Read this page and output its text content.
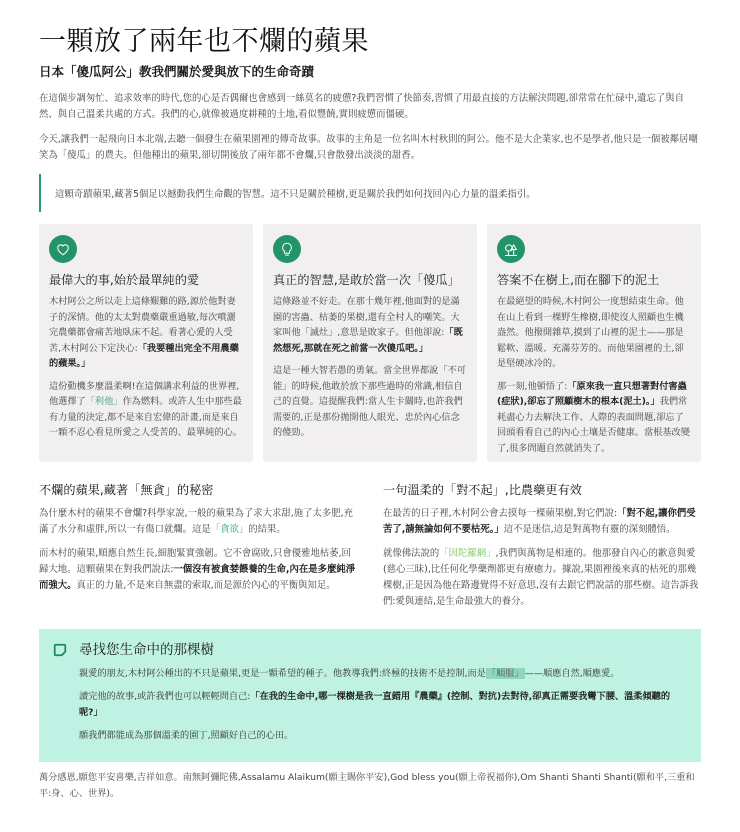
一顆放了兩年也不爛的蘋果
日本「傻瓜阿公」教我們關於愛與放下的生命奇蹟

在這個步調匆忙、追求效率的時代,您的心是否偶爾也會感到一絲莫名的疲憊?我們習慣了快節奏,習慣了用最直接的方法解決問題,卻常常在忙碌中,遺忘了與自然、與自己溫柔共處的方式。我們的心,就像被過度耕種的土地,看似豐饒,實則疲憊而僵硬。

今天,讓我們一起飛向日本北端,去聽一個發生在蘋果園裡的傳奇故事。故事的主角是一位名叫木村秋則的阿公。他不是大企業家,也不是學者,他只是一個被鄰居嘲笑為「傻瓜」的農夫。但他種出的蘋果,卻切開後放了兩年都不會爛,只會散發出淡淡的甜香。

這顆奇蹟蘋果,藏著5個足以撼動我們生命觀的智慧。這不只是關於種樹,更是關於我們如何找回內心力量的溫柔指引。
最偉大的事,始於最單純的愛

木村阿公之所以走上這條艱難的路,源於他對妻子的深情。他的太太對農藥嚴重過敏,每次噴灑完農藥都會痛苦地臥床不起。看著心愛的人受苦,木村阿公下定決心:「我要種出完全不用農藥的蘋果。」

這份動機多麼溫柔啊!在這個講求利益的世界裡,他選擇了「利他」作為燃料。或許人生中那些最有力量的決定,都不是來自宏偉的計畫,而是來自一顆不忍心看見所愛之人受苦的、最單純的心。

真正的智慧,是敢於當一次「傻瓜」

這條路並不好走。在那十幾年裡,他面對的是滿園的害蟲、枯萎的果樹,還有全村人的嘲笑。大家叫他「滅灶」,意思是敗家子。但他卻說:「既然想死,那就在死之前當一次傻瓜吧。」

這是一種大智若愚的勇氣。當全世界都說「不可能」的時候,他敢於放下那些過時的常識,相信自己的直覺。這提醒我們:當人生卡關時,也許我們需要的,正是那份拋開他人眼光、忠於內心信念的傻勁。

答案不在樹上,而在腳下的泥土

在最絕望的時候,木村阿公一度想結束生命。他在山上看到一棵野生橡樹,即使沒人照顧也生機盎然。他撥開雜草,摸到了山裡的泥土——那是鬆軟、溫暖、充滿芬芳的。而他果園裡的土,卻是堅硬冰冷的。

那一刻,他頓悟了:「原來我一直只想著對付害蟲(症狀),卻忘了照顧樹木的根本(泥土)。」我們常耗盡心力去解決工作、人際的表面問題,卻忘了回頭看看自己的內心土壤是否健康。當根基改變了,很多問題自然就消失了。

不爛的蘋果,藏著「無貪」的秘密

為什麼木村的蘋果不會爛?科學家說,一般的蘋果為了求大求甜,施了太多肥,充滿了水分和虛胖,所以一有傷口就爛。這是「貪欲」的結果。

而木村的蘋果,順應自然生長,細胞緊實強韌。它不會腐敗,只會優雅地枯萎,回歸大地。這顆蘋果在對我們說法:一個沒有被貪婪餵養的生命,內在是多麼純淨而強大。真正的力量,不是來自無盡的索取,而是源於內心的平衡與知足。

一句溫柔的「對不起」,比農藥更有效

在最苦的日子裡,木村阿公會去摸每一棵蘋果樹,對它們說:「對不起,讓你們受苦了,請無論如何不要枯死。」這不是迷信,這是對萬物有靈的深刻體悟。

就像佛法說的「因陀羅網」,我們與萬物是相連的。他那發自內心的歉意與愛(慈心三昧),比任何化學藥劑都更有療癒力。據說,果園裡後來真的枯死的那幾棵樹,正是因為他在路邊覺得不好意思,沒有去跟它們說話的那些樹。這告訴我們:愛與連結,是生命最強大的養分。

尋找您生命中的那棵樹

親愛的朋友,木村阿公種出的不只是蘋果,更是一顆希望的種子。他教導我們:終極的技術不是控制,而是「順服」——順應自然,順應愛。

讀完他的故事,或許我們也可以輕輕問自己:「在我的生命中,哪一棵樹是我一直錯用『農藥』(控制、對抗)去對待,卻真正需要我彎下腰、溫柔傾聽的呢?」

願我們都能成為那個溫柔的園丁,照顧好自己的心田。

萬分感恩,願您平安喜樂,吉祥如意。南無阿彌陀佛,Assalamu Alaikum(願主賜你平安),God bless you(願上帝祝福你),Om Shanti Shanti Shanti(願和平,三重和平:身、心、世界)。
